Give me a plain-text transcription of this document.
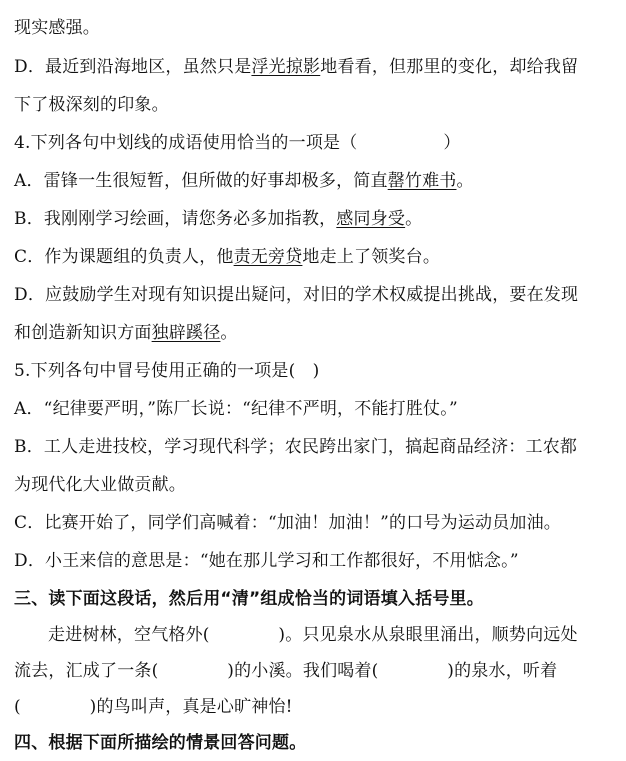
现实感强。
D．最近到沿海地区，虽然只是浮光掠影地看看，但那里的变化，却给我留
下了极深刻的印象。
4.下列各句中划线的成语使用恰当的一项是（　　　　　）
A．雷锋一生很短暂，但所做的好事却极多，简直罄竹难书。
B．我刚刚学习绘画，请您务必多加指教，感同身受。
C．作为课题组的负责人，他责无旁贷地走上了领奖台。
D．应鼓励学生对现有知识提出疑问，对旧的学术权威提出挑战，要在发现
和创造新知识方面独辟蹊径。
5.下列各句中冒号使用正确的一项是(　)
A．“纪律要严明，”陈厂长说：“纪律不严明，不能打胜仗。”
B．工人走进技校，学习现代科学；农民跨出家门，搞起商品经济：工农都
为现代化大业做贡献。
C．比赛开始了，同学们高喊着：“加油！加油！”的口号为运动员加油。
D．小王来信的意思是：“她在那儿学习和工作都很好，不用惦念。”
三、读下面这段话，然后用“清”组成恰当的词语填入括号里。
走进树林，空气格外(　　　　)。只见泉水从泉眼里涌出，顺势向远处
流去，汇成了一条(　　　　)的小溪。我们喝着(　　　　)的泉水，听着
(　　　　)的鸟叫声，真是心旷神怡!
四、根据下面所描绘的情景回答问题。
